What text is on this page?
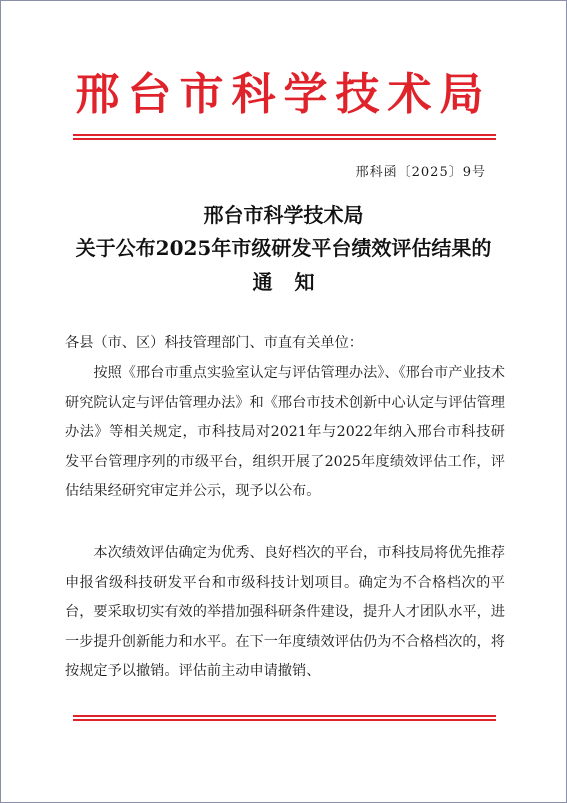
邢台市科学技术局
邢科函〔2025〕9号
邢台市科学技术局
关于公布2025年市级研发平台绩效评估结果的
通知
各县（市、区）科技管理部门、市直有关单位：
按照《邢台市重点实验室认定与评估管理办法》、《邢台市产业技术研究院认定与评估管理办法》和《邢台市技术创新中心认定与评估管理办法》等相关规定，市科技局对2021年与2022年纳入邢台市科技研发平台管理序列的市级平台，组织开展了2025年度绩效评估工作，评估结果经研究审定并公示，现予以公布。
本次绩效评估确定为优秀、良好档次的平台，市科技局将优先推荐申报省级科技研发平台和市级科技计划项目。确定为不合格档次的平台，要采取切实有效的举措加强科研条件建设，提升人才团队水平，进一步提升创新能力和水平。在下一年度绩效评估仍为不合格档次的，将按规定予以撤销。评估前主动申请撤销、
